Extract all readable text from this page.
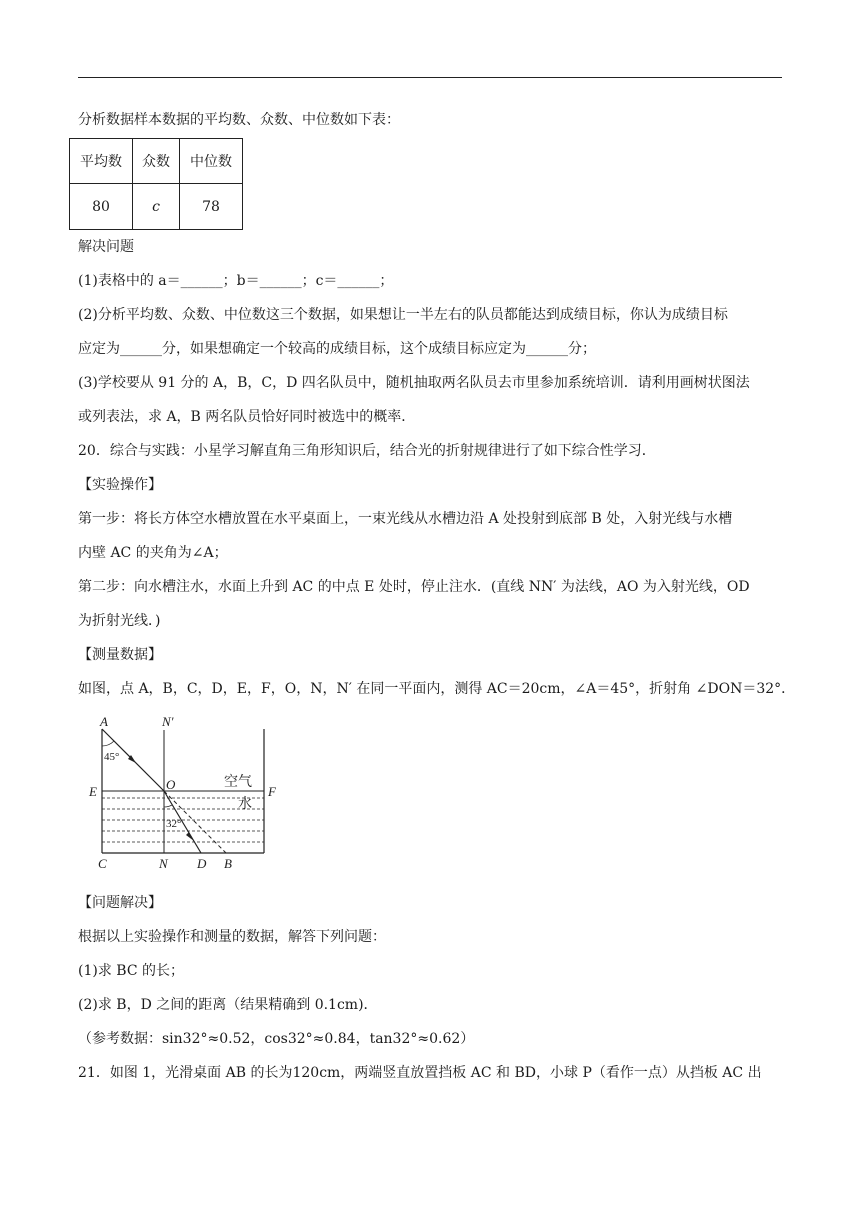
分析数据样本数据的平均数、众数、中位数如下表：
平均数	众数	中位数
80	c	78
解决问题
(1)表格中的 a＝______；b＝______；c＝______；
(2)分析平均数、众数、中位数这三个数据，如果想让一半左右的队员都能达到成绩目标，你认为成绩目标
应定为______分，如果想确定一个较高的成绩目标，这个成绩目标应定为______分；
(3)学校要从 91 分的 A，B，C，D 四名队员中，随机抽取两名队员去市里参加系统培训．请利用画树状图法
或列表法，求 A，B 两名队员恰好同时被选中的概率．
20．综合与实践：小星学习解直角三角形知识后，结合光的折射规律进行了如下综合性学习．
【实验操作】
第一步：将长方体空水槽放置在水平桌面上，一束光线从水槽边沿 A 处投射到底部 B 处，入射光线与水槽
内壁 AC 的夹角为∠A；
第二步：向水槽注水，水面上升到 AC 的中点 E 处时，停止注水．(直线 NN′ 为法线，AO 为入射光线，OD
为折射光线．)
【测量数据】
如图，点 A，B，C，D，E，F，O，N，N′ 在同一平面内，测得 AC＝20cm，∠A＝45°，折射角 ∠DON＝32°．
A	N′
E	O	F
C	N D B
45°
32°
空气
水
【问题解决】
根据以上实验操作和测量的数据，解答下列问题：
(1)求 BC 的长；
(2)求 B，D 之间的距离（结果精确到 0.1cm)．
（参考数据：sin32°≈0.52，cos32°≈0.84，tan32°≈0.62）
21．如图 1，光滑桌面 AB 的长为120cm，两端竖直放置挡板 AC 和 BD，小球 P（看作一点）从挡板 AC 出
